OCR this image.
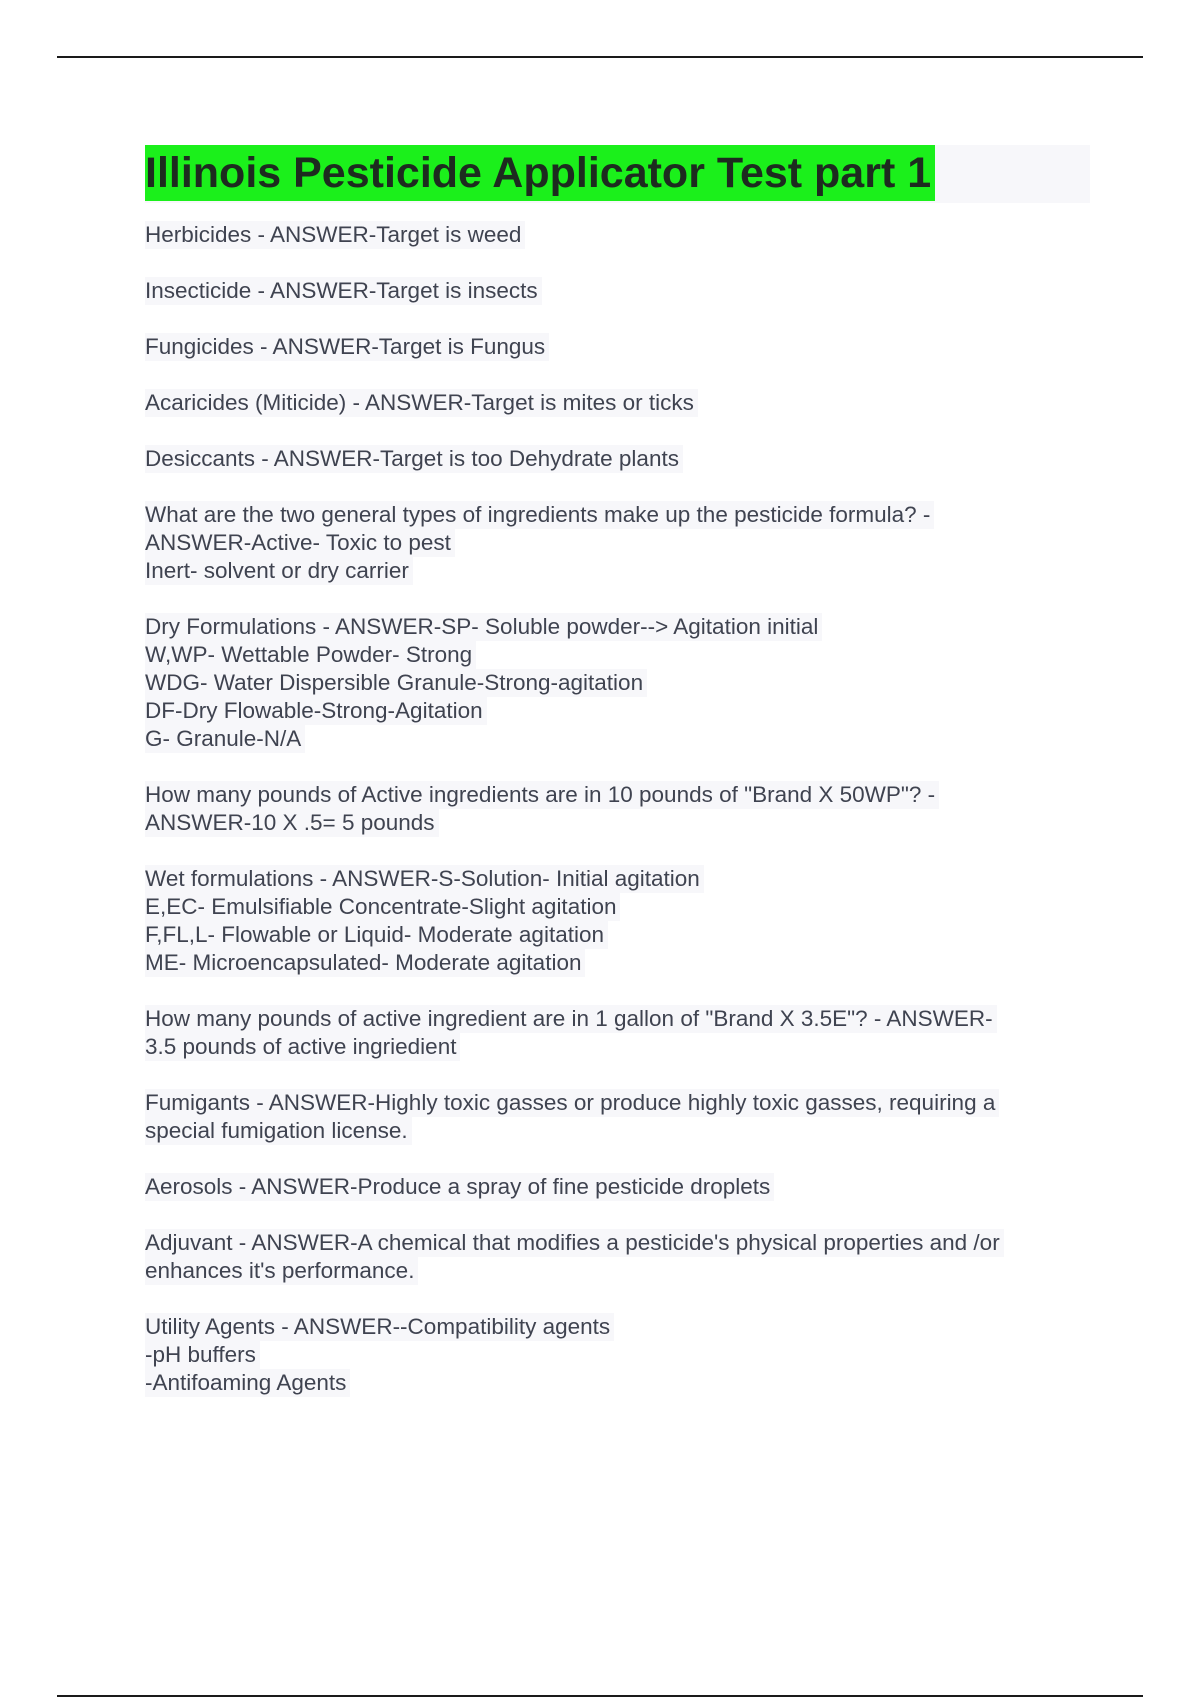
Illinois Pesticide Applicator Test part 1
Herbicides - ANSWER-Target is weed
Insecticide - ANSWER-Target is insects
Fungicides - ANSWER-Target is Fungus
Acaricides (Miticide) - ANSWER-Target is mites or ticks
Desiccants - ANSWER-Target is too Dehydrate plants
What are the two general types of ingredients make up the pesticide formula? -
ANSWER-Active- Toxic to pest
Inert- solvent or dry carrier
Dry Formulations - ANSWER-SP- Soluble powder--> Agitation initial
W,WP- Wettable Powder- Strong
WDG- Water Dispersible Granule-Strong-agitation
DF-Dry Flowable-Strong-Agitation
G- Granule-N/A
How many pounds of Active ingredients are in 10 pounds of "Brand X 50WP"? -
ANSWER-10 X .5= 5 pounds
Wet formulations - ANSWER-S-Solution- Initial agitation
E,EC- Emulsifiable Concentrate-Slight agitation
F,FL,L- Flowable or Liquid- Moderate agitation
ME- Microencapsulated- Moderate agitation
How many pounds of active ingredient are in 1 gallon of "Brand X 3.5E"? - ANSWER-
3.5 pounds of active ingriedient
Fumigants - ANSWER-Highly toxic gasses or produce highly toxic gasses, requiring a
special fumigation license.
Aerosols - ANSWER-Produce a spray of fine pesticide droplets
Adjuvant - ANSWER-A chemical that modifies a pesticide's physical properties and /or
enhances it's performance.
Utility Agents - ANSWER--Compatibility agents
-pH buffers
-Antifoaming Agents
